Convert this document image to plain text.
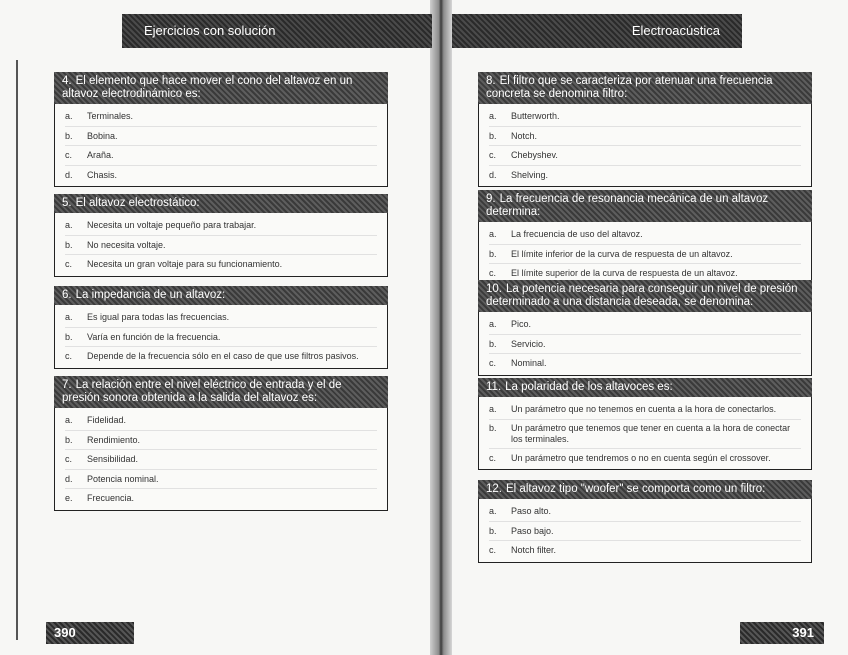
Ejercicios con solución	Electroacústica
4. El elemento que hace mover el cono del altavoz en un altavoz electrodinámico es:
a.	Terminales.
b.	Bobina.
c.	Araña.
d.	Chasis.
5. El altavoz electrostático:
a.	Necesita un voltaje pequeño para trabajar.
b.	No necesita voltaje.
c.	Necesita un gran voltaje para su funcionamiento.
6. La impedancia de un altavoz:
a.	Es igual para todas las frecuencias.
b.	Varía en función de la frecuencia.
c.	Depende de la frecuencia sólo en el caso de que use filtros pasivos.
7. La relación entre el nivel eléctrico de entrada y el de presión sonora obtenida a la salida del altavoz es:
a.	Fidelidad.
b.	Rendimiento.
c.	Sensibilidad.
d.	Potencia nominal.
e.	Frecuencia.
8. El filtro que se caracteriza por atenuar una frecuencia concreta se denomina filtro:
a.	Butterworth.
b.	Notch.
c.	Chebyshev.
d.	Shelving.
9. La frecuencia de resonancia mecánica de un altavoz determina:
a.	La frecuencia de uso del altavoz.
b.	El límite inferior de la curva de respuesta de un altavoz.
c.	El límite superior de la curva de respuesta de un altavoz.
10. La potencia necesaria para conseguir un nivel de presión determinado a una distancia deseada, se denomina:
a.	Pico.
b.	Servicio.
c.	Nominal.
11. La polaridad de los altavoces es:
a.	Un parámetro que no tenemos en cuenta a la hora de conectarlos.
b.	Un parámetro que tenemos que tener en cuenta a la hora de conectar los terminales.
c.	Un parámetro que tendremos o no en cuenta según el crossover.
12. El altavoz tipo "woofer" se comporta como un filtro:
a.	Paso alto.
b.	Paso bajo.
c.	Notch filter.
390	391
